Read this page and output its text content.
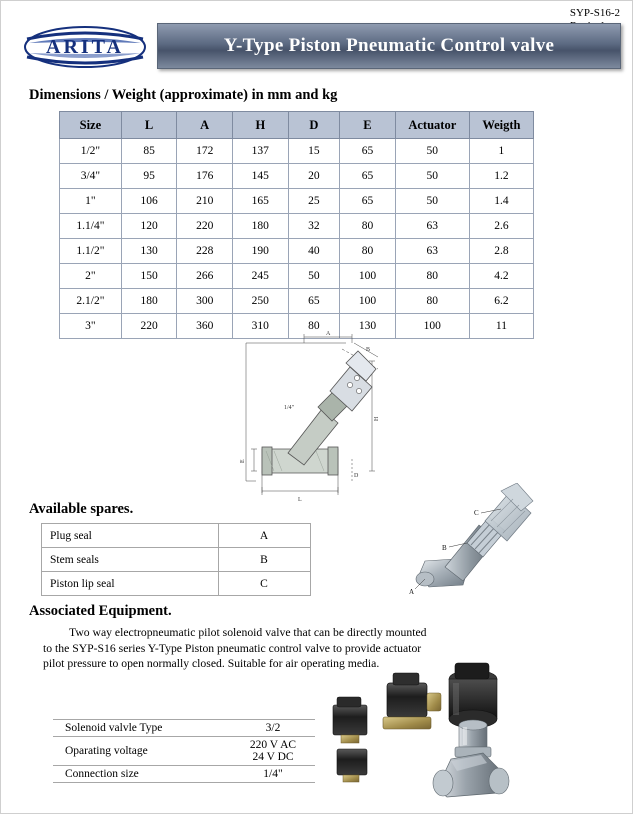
SYP-S16-2
ARITA	Y-Type Piston Pneumatic Control valve
Dimensions / Weight (approximate) in mm and kg
Size	L	A	H	D	E	Actuator	Weigth
1/2"	85	172	137	15	65	50	1
3/4"	95	176	145	20	65	50	1.2
1"	106	210	165	25	65	50	1.4
1.1/4"	120	220	180	32	80	63	2.6
1.1/2"	130	228	190	40	80	63	2.8
2"	150	266	245	50	100	80	4.2
2.1/2"	180	300	250	65	100	80	6.2
3"	220	360	310	80	130	100	11
A
B
1/4"
H
E
D
L
Available spares.
Plug seal	A
Stem seals	B
Piston lip seal	C
C
B
A
Associated Equipment.
Two way electropneumatic pilot solenoid valve that can be directly mounted to the SYP-S16 series Y-Type Piston pneumatic control valve to provide actuator pilot pressure to open normally closed. Suitable for air operating media.
Solenoid valvle Type	3/2
Oparating voltage	220 V AC
24 V DC

Connection size	1/4"
